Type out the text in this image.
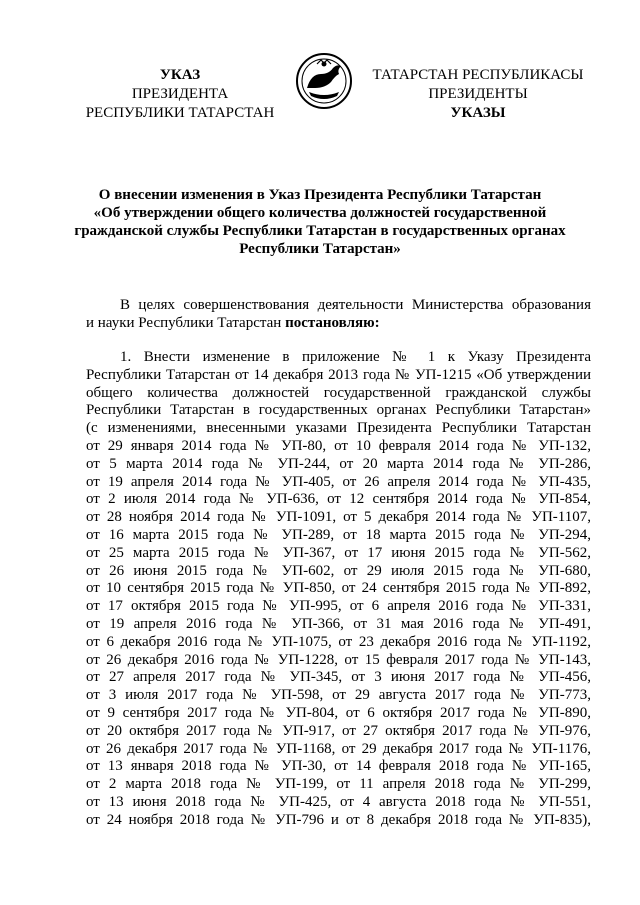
УКАЗ
ПРЕЗИДЕНТА
РЕСПУБЛИКИ ТАТАРСТАН
ТАТАРСТАН РЕСПУБЛИКАСЫ
ПРЕЗИДЕНТЫ
УКАЗЫ
О внесении изменения в Указ Президента Республики Татарстан
«Об утверждении общего количества должностей государственной
гражданской службы Республики Татарстан в государственных органах
Республики Татарстан»
В целях совершенствования деятельности Министерства образования
и науки Республики Татарстан постановляю:
1. Внести изменение в приложение № 1 к Указу Президента
Республики Татарстан от 14 декабря 2013 года № УП-1215 «Об утверждении
общего количества должностей государственной гражданской службы
Республики Татарстан в государственных органах Республики Татарстан»
(с изменениями, внесенными указами Президента Республики Татарстан
от 29 января 2014 года № УП-80, от 10 февраля 2014 года № УП-132,
от 5 марта 2014 года № УП-244, от 20 марта 2014 года № УП-286,
от 19 апреля 2014 года № УП-405, от 26 апреля 2014 года № УП-435,
от 2 июля 2014 года № УП-636, от 12 сентября 2014 года № УП-854,
от 28 ноября 2014 года № УП-1091, от 5 декабря 2014 года № УП-1107,
от 16 марта 2015 года № УП-289, от 18 марта 2015 года № УП-294,
от 25 марта 2015 года № УП-367, от 17 июня 2015 года № УП-562,
от 26 июня 2015 года № УП-602, от 29 июля 2015 года № УП-680,
от 10 сентября 2015 года № УП-850, от 24 сентября 2015 года № УП-892,
от 17 октября 2015 года № УП-995, от 6 апреля 2016 года № УП-331,
от 19 апреля 2016 года № УП-366, от 31 мая 2016 года № УП-491,
от 6 декабря 2016 года № УП-1075, от 23 декабря 2016 года № УП-1192,
от 26 декабря 2016 года № УП-1228, от 15 февраля 2017 года № УП-143,
от 27 апреля 2017 года № УП-345, от 3 июня 2017 года № УП-456,
от 3 июля 2017 года № УП-598, от 29 августа 2017 года № УП-773,
от 9 сентября 2017 года № УП-804, от 6 октября 2017 года № УП-890,
от 20 октября 2017 года № УП-917, от 27 октября 2017 года № УП-976,
от 26 декабря 2017 года № УП-1168, от 29 декабря 2017 года № УП-1176,
от 13 января 2018 года № УП-30, от 14 февраля 2018 года № УП-165,
от 2 марта 2018 года № УП-199, от 11 апреля 2018 года № УП-299,
от 13 июня 2018 года № УП-425, от 4 августа 2018 года № УП-551,
от 24 ноября 2018 года № УП-796 и от 8 декабря 2018 года № УП-835),
